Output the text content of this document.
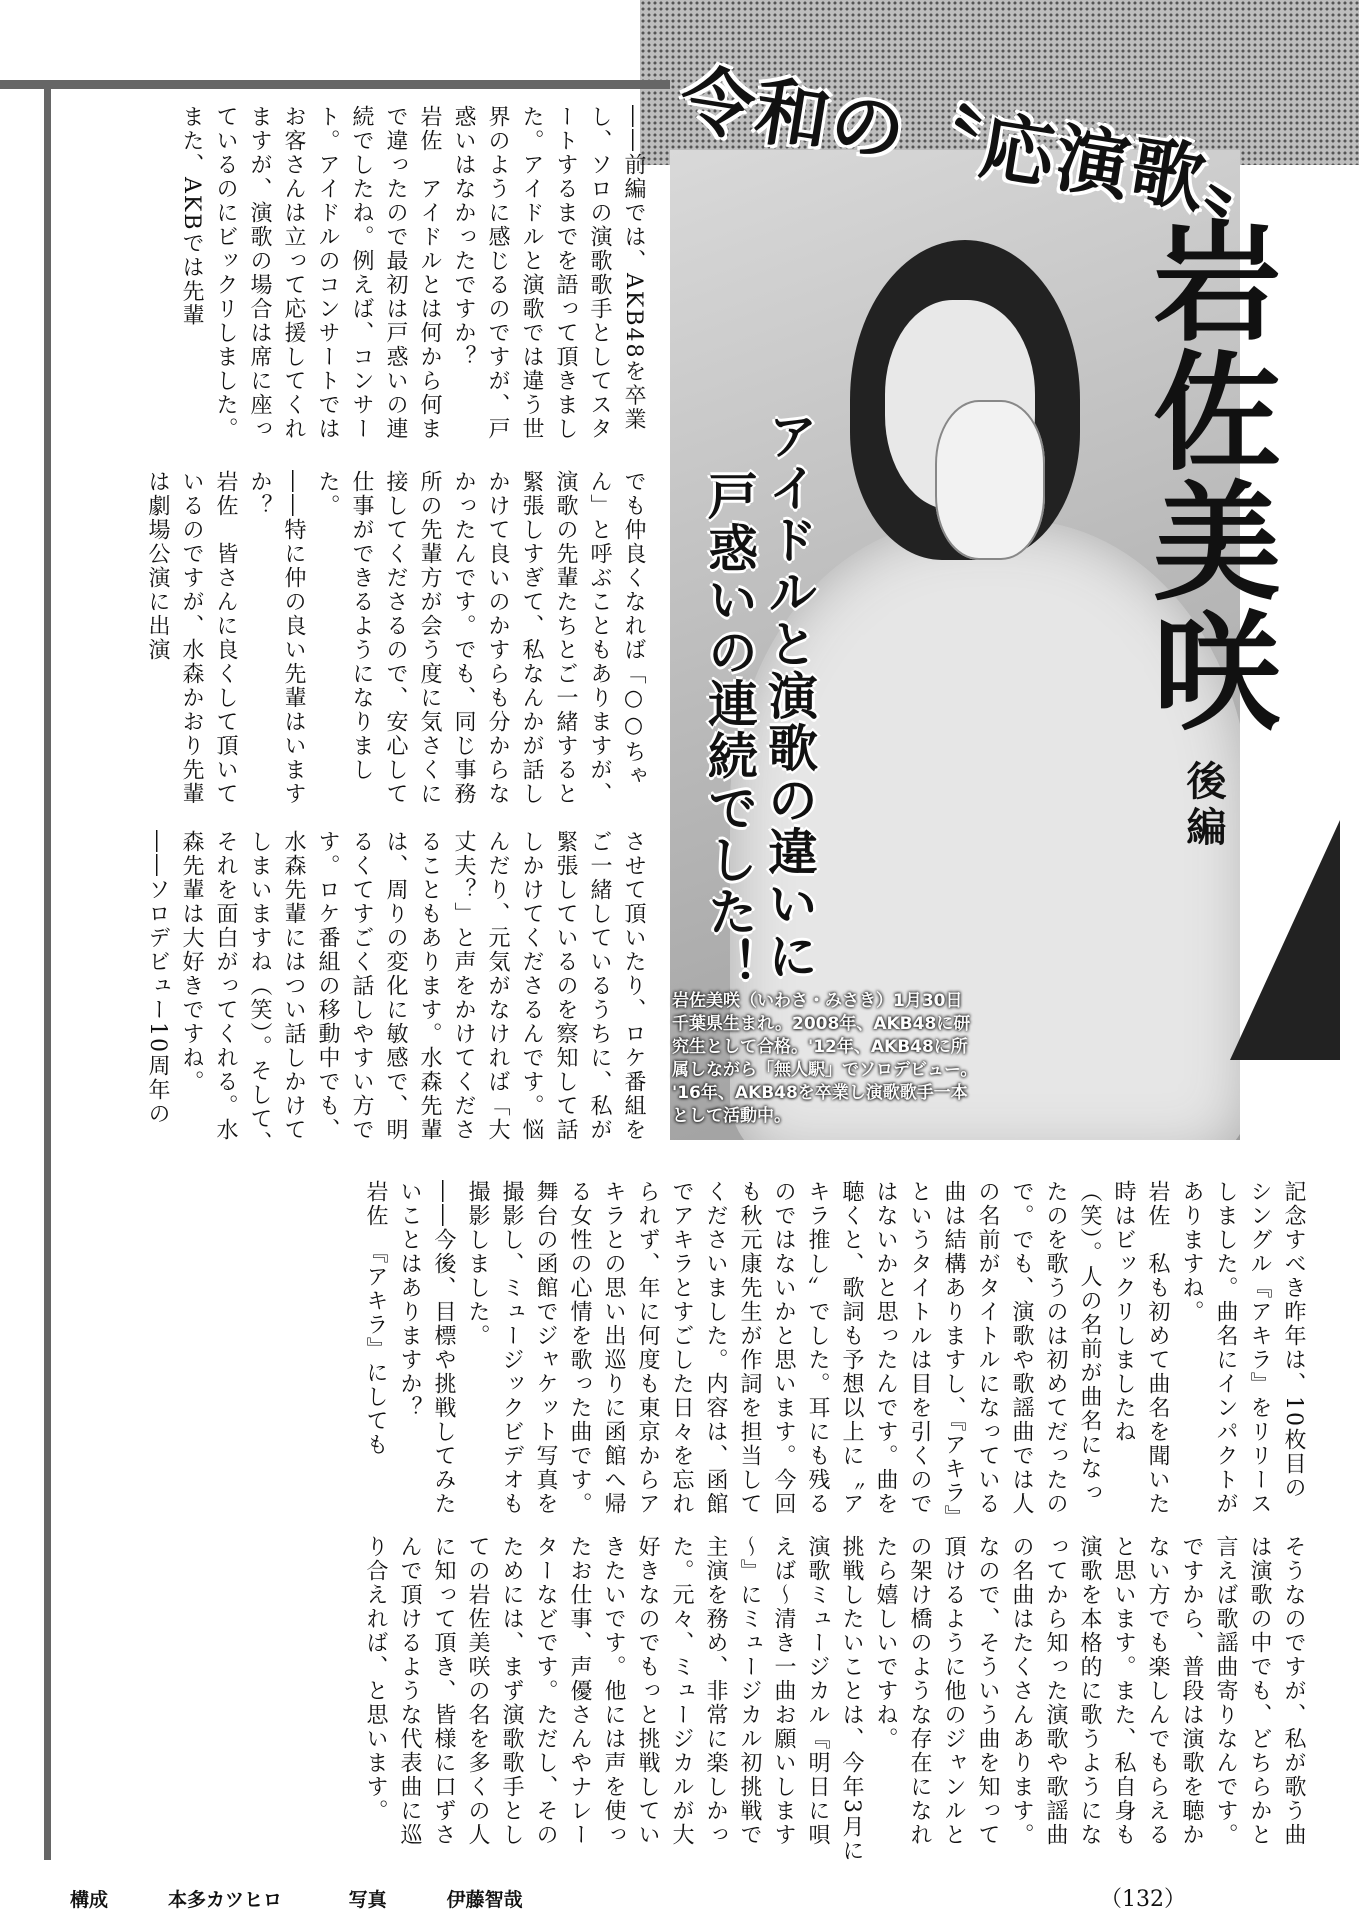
令和の〝応演歌〟
岩佐美咲
後編
アイドルと演歌の違いに
戸惑いの連続でした！
岩佐美咲（いわさ・みさき）1月30日
千葉県生まれ。2008年、AKB48に研
究生として合格。'12年、AKB48に所
属しながら「無人駅」でソロデビュー。
'16年、AKB48を卒業し演歌歌手一本
として活動中。
――前編では、AKB48を卒業し、ソロの演歌歌手としてスタートするまでを語って頂きました。アイドルと演歌では違う世界のように感じるのですが、戸惑いはなかったですか？
岩佐　アイドルとは何から何まで違ったので最初は戸惑いの連続でしたね。例えば、コンサート。アイドルのコンサートではお客さんは立って応援してくれますが、演歌の場合は席に座っているのにビックリしました。また、AKBでは先輩
でも仲良くなれば「○○ちゃん」と呼ぶこともありますが、演歌の先輩たちとご一緒すると緊張しすぎて、私なんかが話しかけて良いのかすらも分からなかったんです。でも、同じ事務所の先輩方が会う度に気さくに接してくださるので、安心して仕事ができるようになりました。
――特に仲の良い先輩はいますか？
岩佐　皆さんに良くして頂いているのですが、水森かおり先輩は劇場公演に出演
させて頂いたり、ロケ番組をご一緒しているうちに、私が緊張しているのを察知して話しかけてくださるんです。悩んだり、元気がなければ「大丈夫？」と声をかけてくださることもあります。水森先輩は、周りの変化に敏感で、明るくてすごく話しやすい方です。ロケ番組の移動中でも、水森先輩にはつい話しかけてしまいますね（笑）。そして、それを面白がってくれる。水森先輩は大好きですね。
――ソロデビュー10周年の
記念すべき昨年は、10枚目のシングル『アキラ』をリリースしました。曲名にインパクトがありますね。
岩佐　私も初めて曲名を聞いた時はビックリしましたね（笑）。人の名前が曲名になったのを歌うのは初めてだったので。でも、演歌や歌謡曲では人の名前がタイトルになっている曲は結構ありますし、『アキラ』というタイトルは目を引くのではないかと思ったんです。曲を聴くと、歌詞も予想以上に〝アキラ推し〟でした。耳にも残るのではないかと思います。今回も秋元康先生が作詞を担当してくださいました。内容は、函館でアキラとすごした日々を忘れられず、年に何度も東京からアキラとの思い出巡りに函館へ帰る女性の心情を歌った曲です。舞台の函館でジャケット写真を撮影し、ミュージックビデオも撮影しました。
――今後、目標や挑戦してみたいことはありますか？
岩佐　『アキラ』にしても
そうなのですが、私が歌う曲は演歌の中でも、どちらかと言えば歌謡曲寄りなんです。ですから、普段は演歌を聴かない方でも楽しんでもらえると思います。また、私自身も演歌を本格的に歌うようになってから知った演歌や歌謡曲の名曲はたくさんあります。なので、そういう曲を知って頂けるように他のジャンルとの架け橋のような存在になれたら嬉しいですね。
挑戦したいことは、今年3月に演歌ミュージカル『明日に唄えば～清き一曲お願いします～』にミュージカル初挑戦で主演を務め、非常に楽しかった。元々、ミュージカルが大好きなのでもっと挑戦していきたいです。他には声を使ったお仕事、声優さんやナレーターなどです。ただし、そのためには、まず演歌歌手としての岩佐美咲の名を多くの人に知って頂き、皆様に口ずさんで頂けるような代表曲に巡り合えれば、と思います。
構成	本多カツヒロ	写真	伊藤智哉	（132）
